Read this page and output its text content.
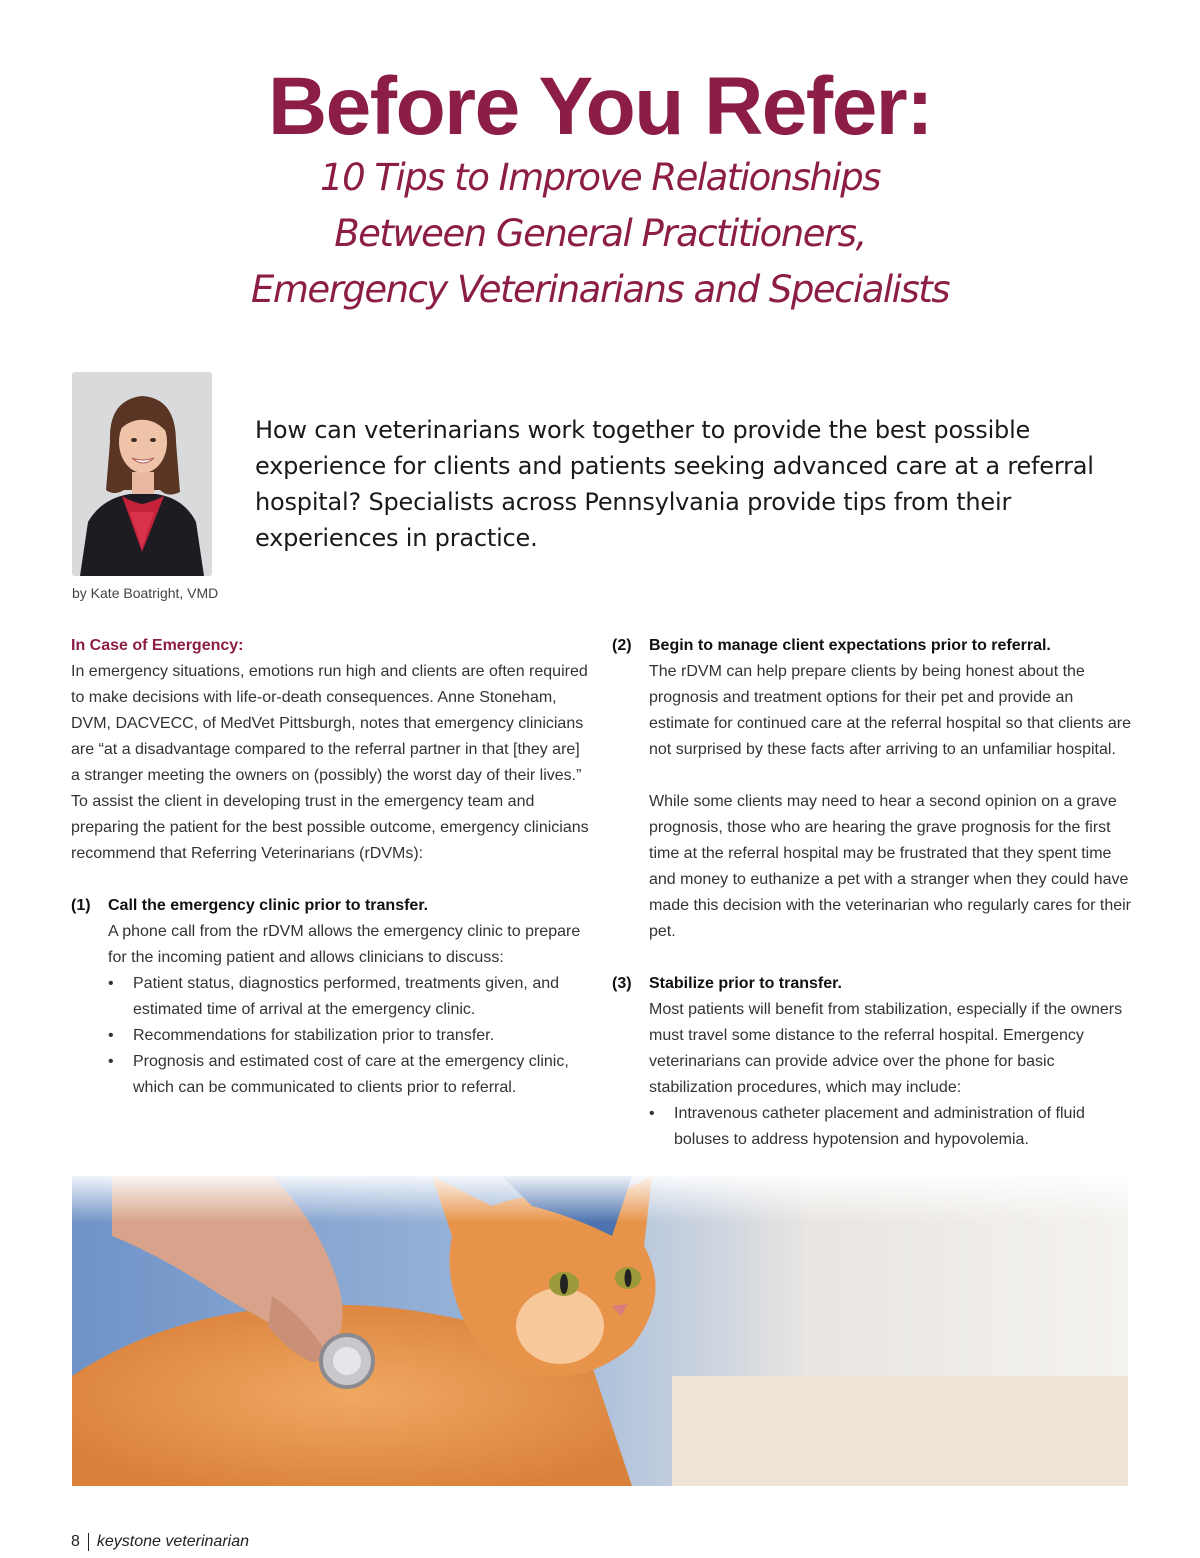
Before You Refer:
10 Tips to Improve Relationships
Between General Practitioners,
Emergency Veterinarians and Specialists
by Kate Boatright, VMD

How can veterinarians work together to provide the best possible experience for clients and patients seeking advanced care at a referral hospital? Specialists across Pennsylvania provide tips from their experiences in practice.

In Case of Emergency:

In emergency situations, emotions run high and clients are often required to make decisions with life-or-death consequences. Anne Stoneham, DVM, DACVECC, of MedVet Pittsburgh, notes that emergency clinicians are “at a disadvantage compared to the referral partner in that [they are] a stranger meeting the owners on (possibly) the worst day of their lives.” To assist the client in developing trust in the emergency team and preparing the patient for the best possible outcome, emergency clinicians recommend that Referring Veterinarians (rDVMs):

(1)	Call the emergency clinic prior to transfer.

A phone call from the rDVM allows the emergency clinic to prepare for the incoming patient and allows clinicians to discuss:

• Patient status, diagnostics performed, treatments given, and estimated time of arrival at the emergency clinic.
• Recommendations for stabilization prior to transfer.
• Prognosis and estimated cost of care at the emergency clinic, which can be communicated to clients prior to referral.
(2)	Begin to manage client expectations prior to referral.

The rDVM can help prepare clients by being honest about the prognosis and treatment options for their pet and provide an estimate for continued care at the referral hospital so that clients are not surprised by these facts after arriving to an unfamiliar hospital.

While some clients may need to hear a second opinion on a grave prognosis, those who are hearing the grave prognosis for the first time at the referral hospital may be frustrated that they spent time and money to euthanize a pet with a stranger when they could have made this decision with the veterinarian who regularly cares for their pet.

(3)	Stabilize prior to transfer.

Most patients will benefit from stabilization, especially if the owners must travel some distance to the referral hospital. Emergency veterinarians can provide advice over the phone for basic stabilization procedures, which may include:

• Intravenous catheter placement and administration of fluid boluses to address hypotension and hypovolemia.
8 keystone veterinarian
